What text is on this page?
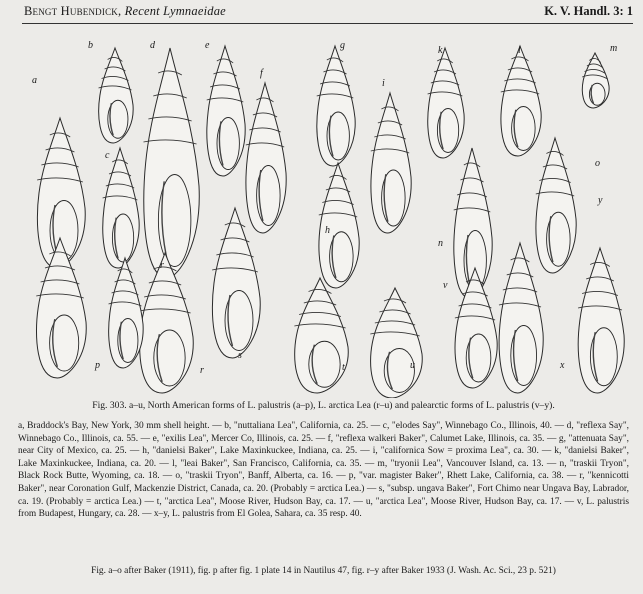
Bengt Hubendick, Recent Lymnaeidae	K. V. Handl. 3: 1
a
b
c
d	e
f
g
h
i
k	l	m
n
o
p	r
s
t	u
v
x
y
r
Fig. 303. a–u, North American forms of L. palustris (a–p), L. arctica Lea (r–u) and palearctic forms of L. palustris (v–y).

a, Braddock's Bay, New York, 30 mm shell height. — b, "nuttaliana Lea", California, ca. 25. — c, "elodes Say", Winnebago Co., Illinois, 40. — d, "reflexa Say", Winnebago Co., Illinois, ca. 55. — e, "exilis Lea", Mercer Co, Illinois, ca. 25. — f, "reflexa walkeri Baker", Calumet Lake, Illinois, ca. 35. — g, "attenuata Say", near City of Mexico, ca. 25. — h, "danielsi Baker", Lake Maxinkuckee, Indiana, ca. 25. — i, "californica Sow = proxima Lea", ca. 30. — k, "danielsi Baker", Lake Maxinkuckee, Indiana, ca. 20. — l, "leai Baker", San Francisco, California, ca. 35. — m, "tryonii Lea", Vancouver Island, ca. 13. — n, "traskii Tryon", Black Rock Butte, Wyoming, ca. 18. — o, "traskii Tryon", Banff, Alberta, ca. 16. — p, "var. magister Baker", Rhett Lake, California, ca. 38. — r, "kennicotti Baker", near Coronation Gulf, Mackenzie District, Canada, ca. 20. (Probably = arctica Lea.) — s, "subsp. ungava Baker", Fort Chimo near Ungava Bay, Labrador, ca. 19. (Probably = arctica Lea.) — t, "arctica Lea", Moose River, Hudson Bay, ca. 17. — u, "arctica Lea", Moose River, Hudson Bay, ca. 17. — v, L. palustris from Budapest, Hungary, ca. 28. — x–y, L. palustris from El Golea, Sahara, ca. 35 resp. 40.

Fig. a–o after Baker (1911), fig. p after fig. 1 plate 14 in Nautilus 47, fig. r–y after Baker 1933 (J. Wash. Ac. Sci., 23 p. 521)
